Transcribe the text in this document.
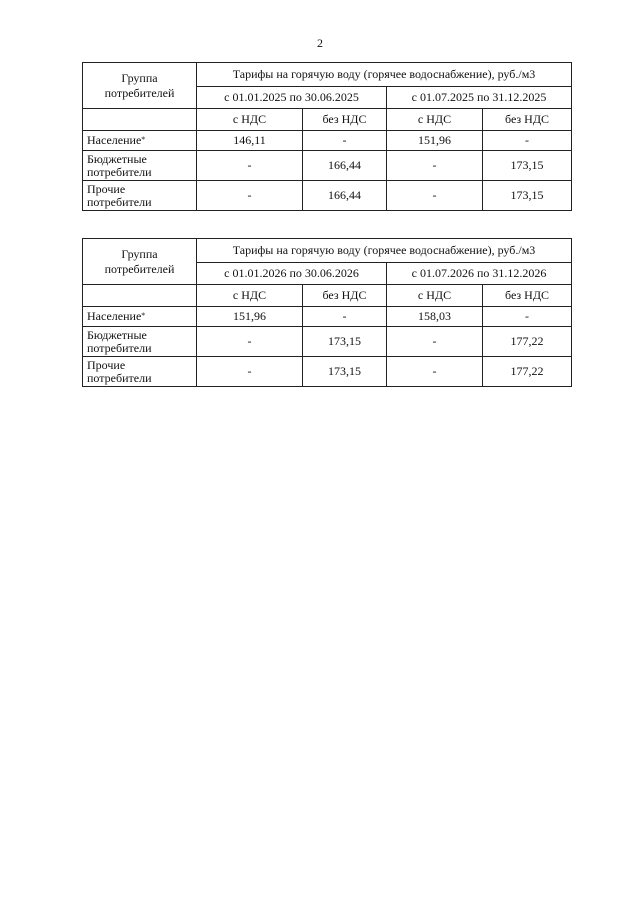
2
Группа потребителей	Тарифы на горячую воду (горячее водоснабжение), руб./м3			
	с 01.01.2025 по 30.06.2025		с 01.07.2025 по 31.12.2025	
	с НДС	без НДС	с НДС	без НДС
Население*	146,11	-	151,96	-
Бюджетные потребители	-	166,44	-	173,15
Прочие потребители	-	166,44	-	173,15
Группа потребителей	Тарифы на горячую воду (горячее водоснабжение), руб./м3			
	с 01.01.2026 по 30.06.2026		с 01.07.2026 по 31.12.2026	
	с НДС	без НДС	с НДС	без НДС
Население*	151,96	-	158,03	-
Бюджетные потребители	-	173,15	-	177,22
Прочие потребители	-	173,15	-	177,22
